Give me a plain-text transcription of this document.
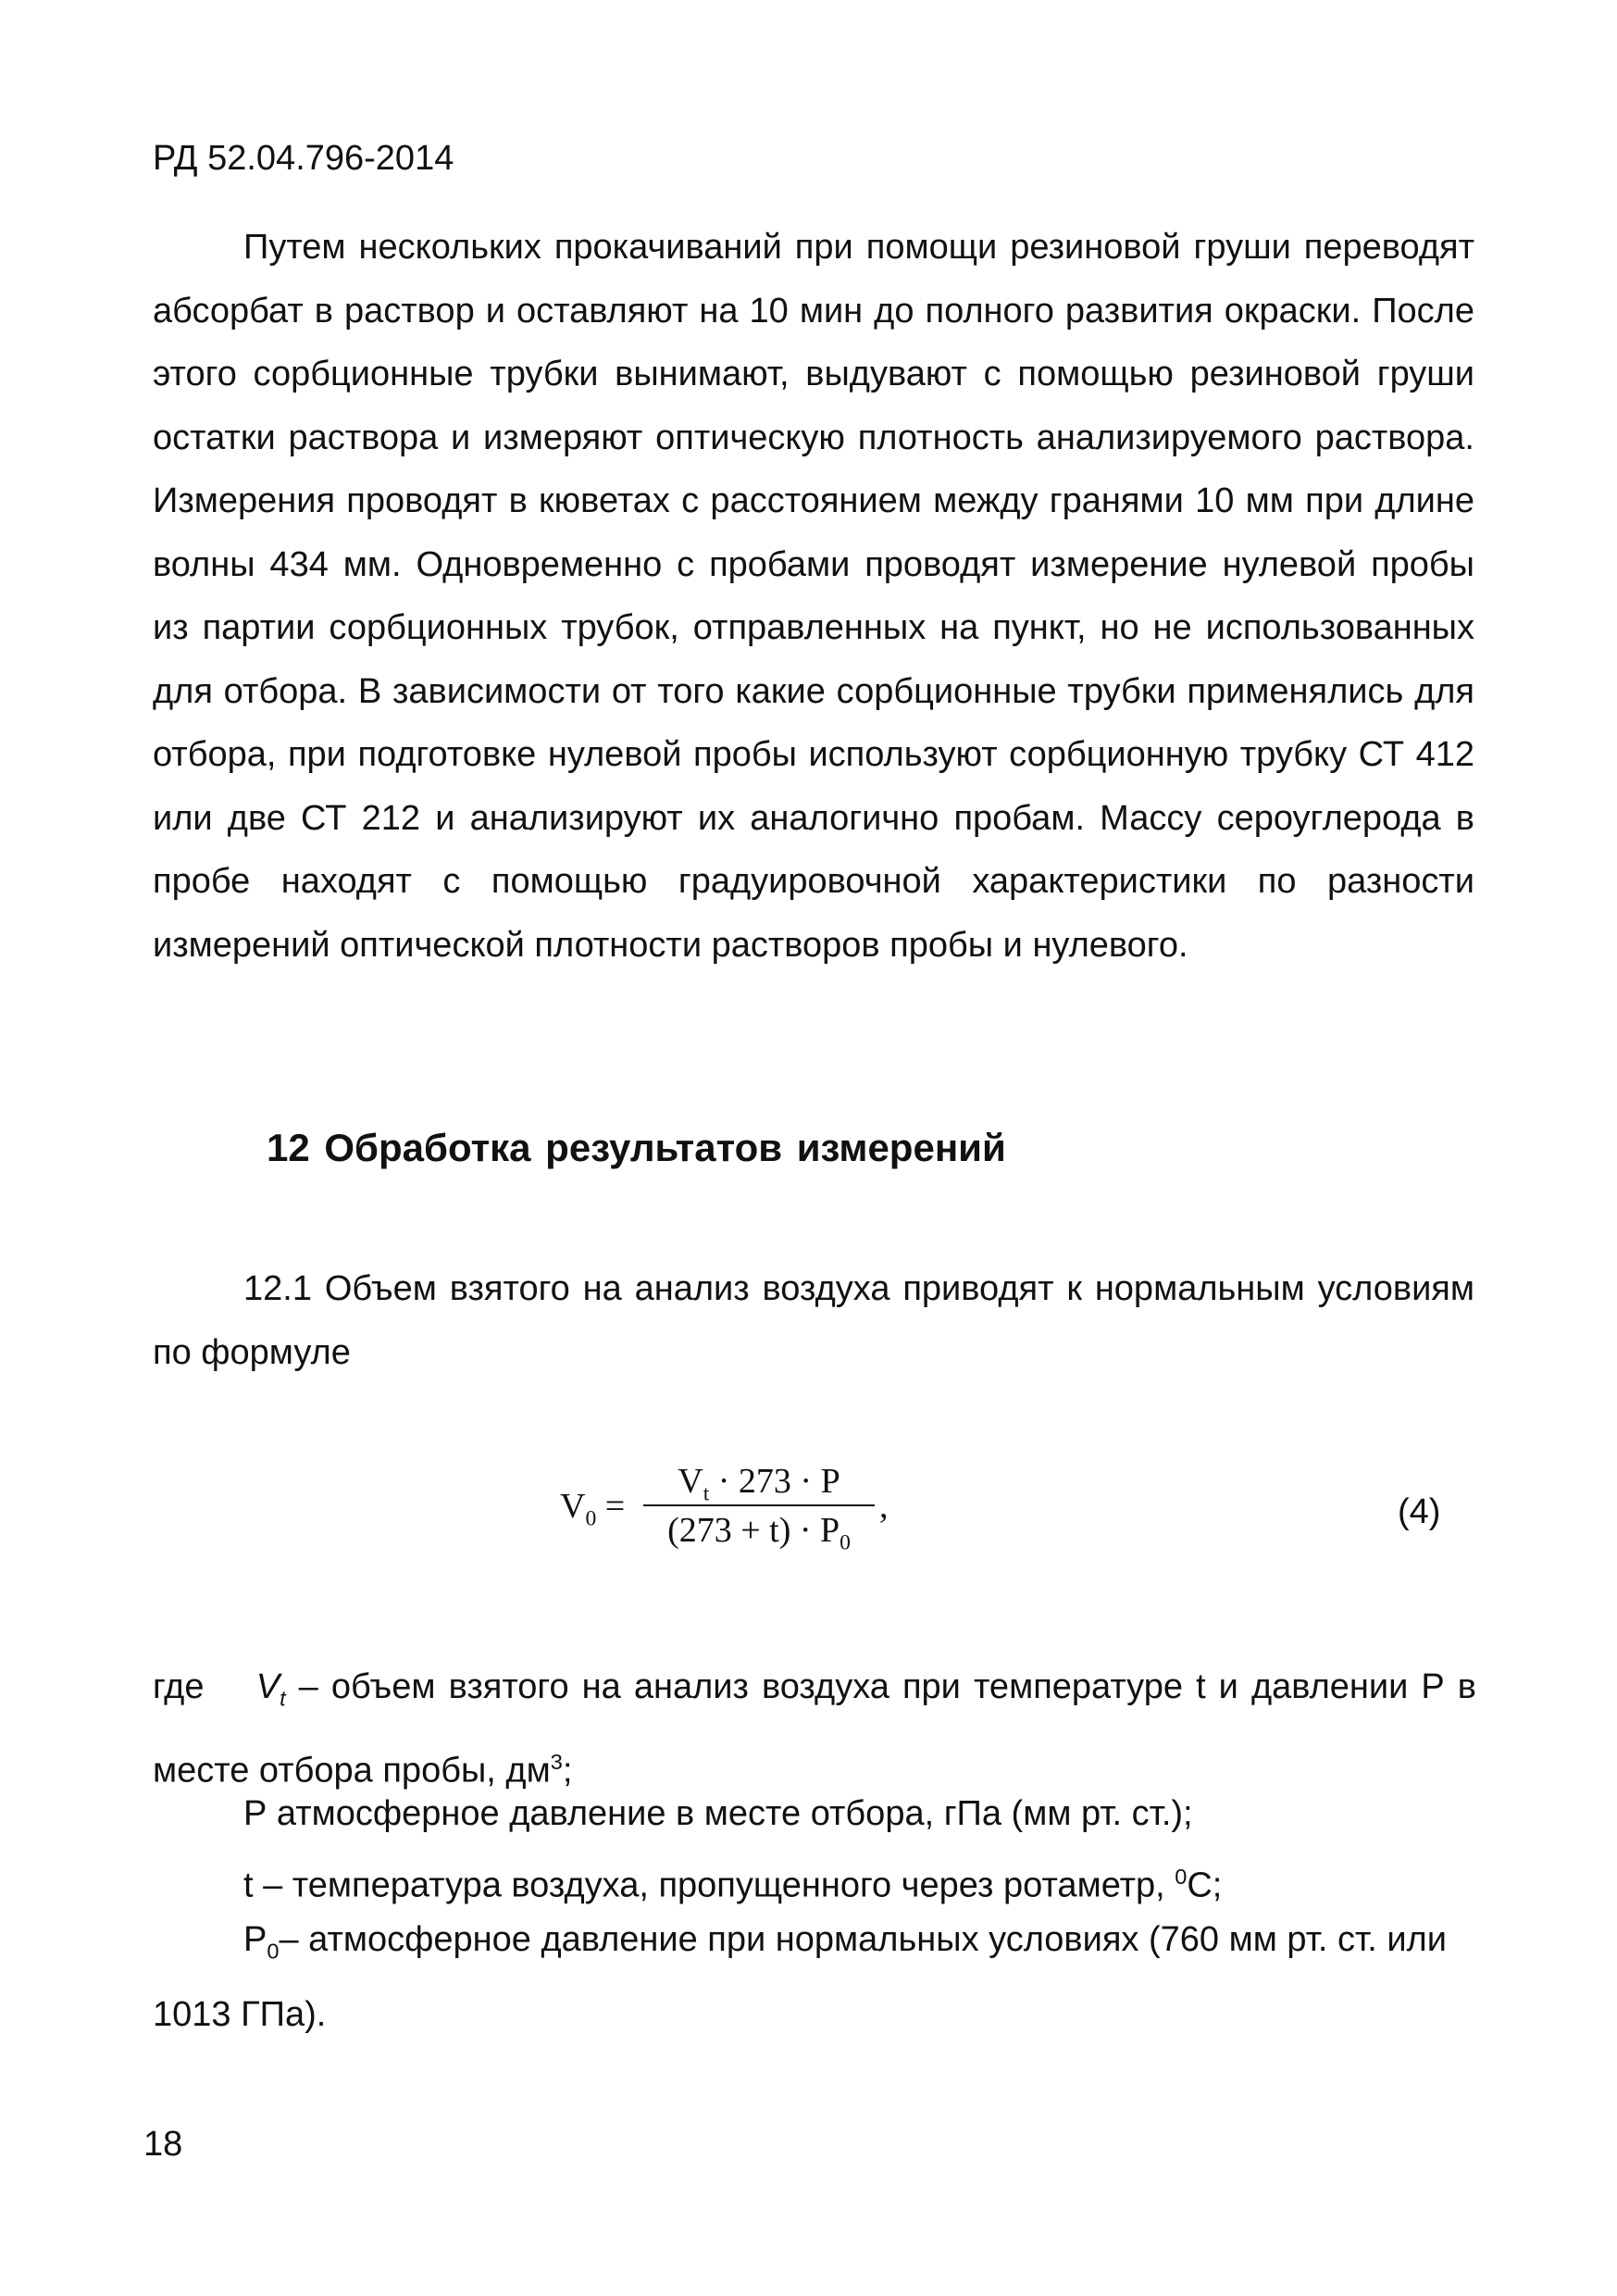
РД 52.04.796-2014
Путем нескольких прокачиваний при помощи резиновой груши переводят абсорбат в раствор и оставляют на 10 мин до полного развития окраски. После этого сорбционные трубки вынимают, выдувают с помощью резиновой груши остатки раствора и измеряют оптическую плотность анализируемого раствора. Измерения проводят в кюветах с расстоянием между гранями 10 мм при длине волны 434 мм. Одновременно с пробами проводят измерение нулевой пробы из партии сорбционных трубок, отправленных на пункт, но не использованных для отбора. В зависимости от того какие сорбционные трубки применялись для отбора, при подготовке нулевой пробы используют сорбционную трубку СТ 412 или две СТ 212 и анализируют их аналогично пробам. Массу сероуглерода в пробе находят с помощью градуировочной характеристики по разности измерений оптической плотности растворов пробы и нулевого.
12 Обработка результатов измерений
12.1 Объем взятого на анализ воздуха приводят к нормальным условиям по формуле
$V_0 = \frac{V_t \cdot 273 \cdot P}{(273 + t) \cdot P_0}$ ,	(4)
где $V_t$ – объем взятого на анализ воздуха при температуре t и давлении Р в месте отбора пробы, $дм^3$;
Р атмосферное давление в месте отбора, гПа (мм рт. ст.);
t – температура воздуха, пропущенного через ротаметр, $^0$С;
$Р_0-$ атмосферное давление при нормальных условиях (760 мм рт. ст. или 1013 ГПа).
18
